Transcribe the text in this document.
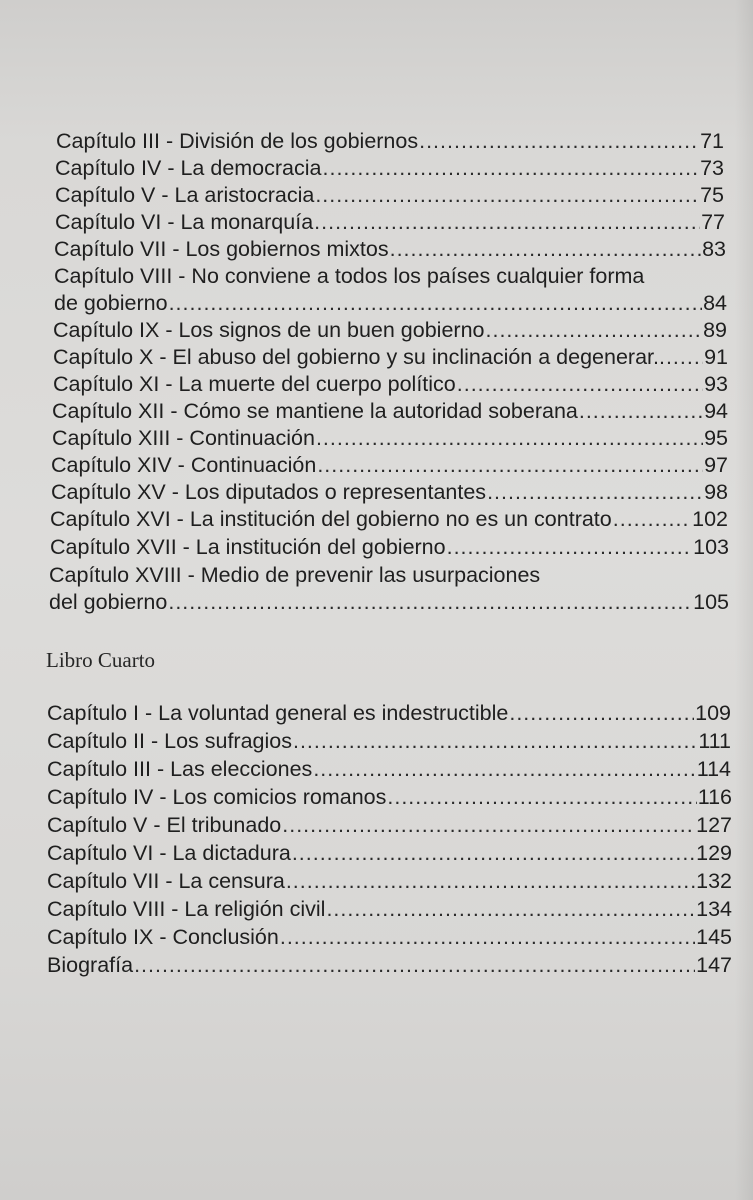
Capítulo III - División de los gobiernos .....	71
Capítulo IV - La democracia .....	73
Capítulo V - La aristocracia .....	75
Capítulo VI - La monarquía .....	77
Capítulo VII - Los gobiernos mixtos .....	83
Capítulo VIII - No conviene a todos los países cualquier forma
de gobierno .....	84
Capítulo IX - Los signos de un buen gobierno .....	89
Capítulo X - El abuso del gobierno y su inclinación a degenerar.. ..... 91
Capítulo XI - La muerte del cuerpo político .....	93
Capítulo XII - Cómo se mantiene la autoridad soberana .....	94
Capítulo XIII - Continuación .....	95
Capítulo XIV - Continuación .....	97
Capítulo XV - Los diputados o representantes .....	98
Capítulo XVI - La institución del gobierno no es un contrato .....	102
Capítulo XVII - La institución del gobierno .....	103
Capítulo XVIII - Medio de prevenir las usurpaciones
del gobierno .....	105
Libro Cuarto
Capítulo I - La voluntad general es indestructible .....	109
Capítulo II - Los sufragios .....	111
Capítulo III - Las elecciones .....	114
Capítulo IV - Los comicios romanos .....	116
Capítulo V - El tribunado .....	127
Capítulo VI - La dictadura .....	129
Capítulo VII - La censura .....	132
Capítulo VIII - La religión civil .....	134
Capítulo IX - Conclusión .....	145
Biografía .....	147
